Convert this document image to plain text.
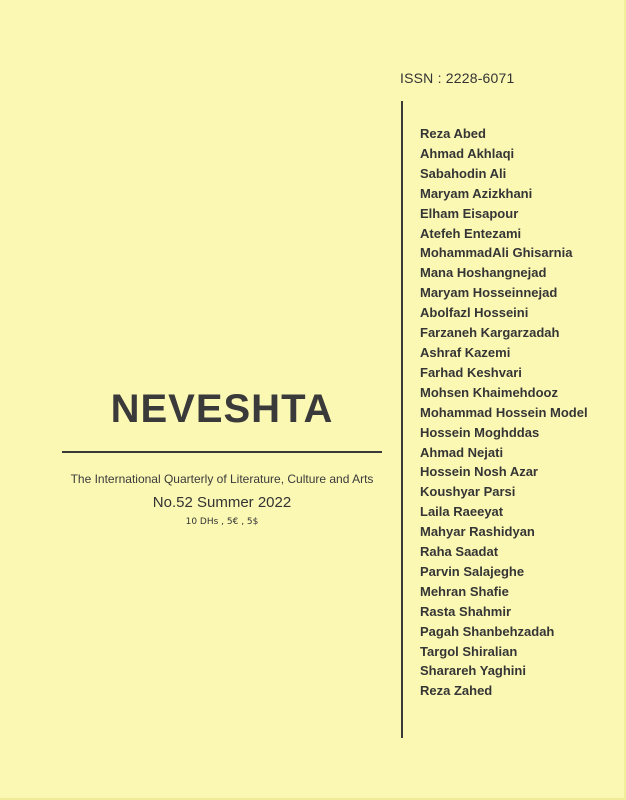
ISSN : 2228-6071
Reza Abed
Ahmad Akhlaqi
Sabahodin Ali
Maryam Azizkhani
Elham Eisapour
Atefeh Entezami
MohammadAli Ghisarnia
Mana Hoshangnejad
Maryam Hosseinnejad
Abolfazl Hosseini
Farzaneh Kargarzadah
Ashraf Kazemi
Farhad Keshvari
Mohsen Khaimehdooz
Mohammad Hossein Model
Hossein Moghddas
Ahmad Nejati
Hossein Nosh Azar
Koushyar Parsi
Laila Raeeyat
Mahyar Rashidyan
Raha Saadat
Parvin Salajeghe
Mehran Shafie
Rasta Shahmir
Pagah Shanbehzadah
Targol Shiralian
Sharareh Yaghini
Reza Zahed
NEVESHTA
The International Quarterly of Literature, Culture and Arts
No.52 Summer 2022
10 DHs , 5€ , 5$
